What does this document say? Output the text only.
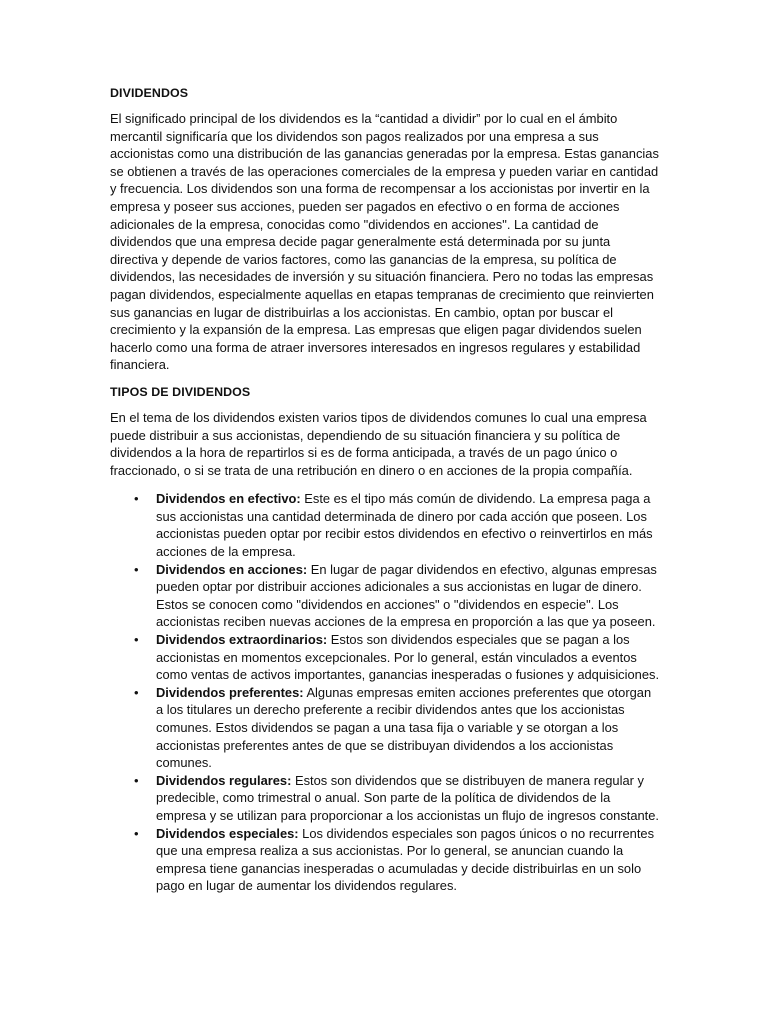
DIVIDENDOS

El significado principal de los dividendos es la “cantidad a dividir” por lo cual en el ámbito mercantil significaría que los dividendos son pagos realizados por una empresa a sus accionistas como una distribución de las ganancias generadas por la empresa. Estas ganancias se obtienen a través de las operaciones comerciales de la empresa y pueden variar en cantidad y frecuencia. Los dividendos son una forma de recompensar a los accionistas por invertir en la empresa y poseer sus acciones, pueden ser pagados en efectivo o en forma de acciones adicionales de la empresa, conocidas como "dividendos en acciones". La cantidad de dividendos que una empresa decide pagar generalmente está determinada por su junta directiva y depende de varios factores, como las ganancias de la empresa, su política de dividendos, las necesidades de inversión y su situación financiera. Pero no todas las empresas pagan dividendos, especialmente aquellas en etapas tempranas de crecimiento que reinvierten sus ganancias en lugar de distribuirlas a los accionistas. En cambio, optan por buscar el crecimiento y la expansión de la empresa. Las empresas que eligen pagar dividendos suelen hacerlo como una forma de atraer inversores interesados en ingresos regulares y estabilidad financiera.

TIPOS DE DIVIDENDOS

En el tema de los dividendos existen varios tipos de dividendos comunes lo cual una empresa puede distribuir a sus accionistas, dependiendo de su situación financiera y su política de dividendos a la hora de repartirlos si es de forma anticipada, a través de un pago único o fraccionado, o si se trata de una retribución en dinero o en acciones de la propia compañía.

• Dividendos en efectivo: Este es el tipo más común de dividendo. La empresa paga a sus accionistas una cantidad determinada de dinero por cada acción que poseen. Los accionistas pueden optar por recibir estos dividendos en efectivo o reinvertirlos en más acciones de la empresa.
• Dividendos en acciones: En lugar de pagar dividendos en efectivo, algunas empresas pueden optar por distribuir acciones adicionales a sus accionistas en lugar de dinero. Estos se conocen como "dividendos en acciones" o "dividendos en especie". Los accionistas reciben nuevas acciones de la empresa en proporción a las que ya poseen.
• Dividendos extraordinarios: Estos son dividendos especiales que se pagan a los accionistas en momentos excepcionales. Por lo general, están vinculados a eventos como ventas de activos importantes, ganancias inesperadas o fusiones y adquisiciones.
• Dividendos preferentes: Algunas empresas emiten acciones preferentes que otorgan a los titulares un derecho preferente a recibir dividendos antes que los accionistas comunes. Estos dividendos se pagan a una tasa fija o variable y se otorgan a los accionistas preferentes antes de que se distribuyan dividendos a los accionistas comunes.
• Dividendos regulares: Estos son dividendos que se distribuyen de manera regular y predecible, como trimestral o anual. Son parte de la política de dividendos de la empresa y se utilizan para proporcionar a los accionistas un flujo de ingresos constante.
• Dividendos especiales: Los dividendos especiales son pagos únicos o no recurrentes que una empresa realiza a sus accionistas. Por lo general, se anuncian cuando la empresa tiene ganancias inesperadas o acumuladas y decide distribuirlas en un solo pago en lugar de aumentar los dividendos regulares.
